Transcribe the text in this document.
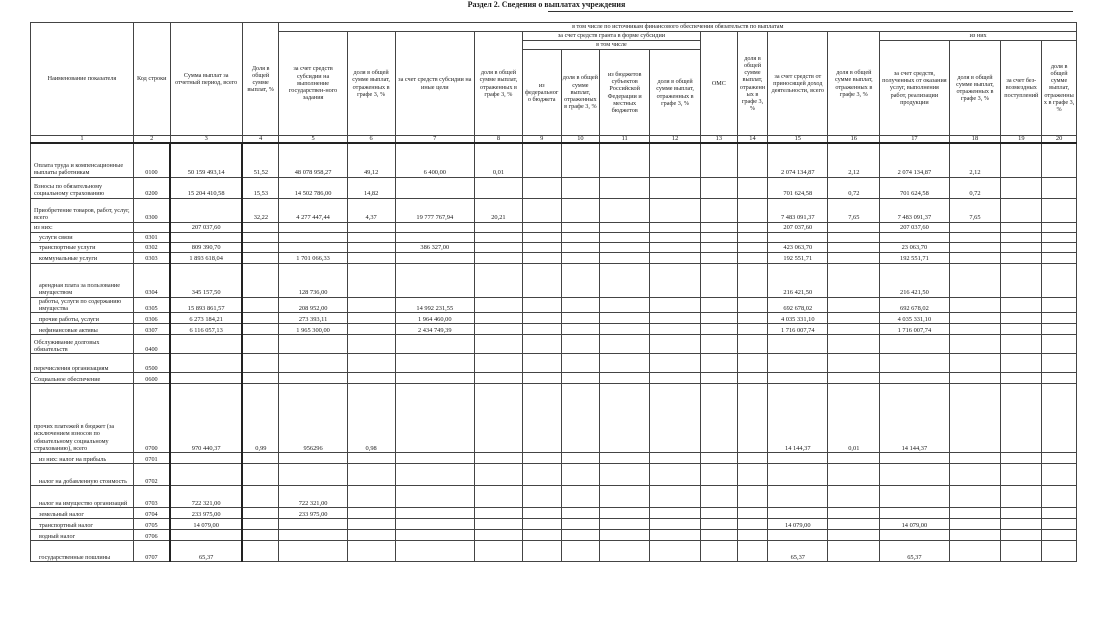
Раздел 2. Сведения о выплатах учреждения
Наименование показателя	Код строки	Сумма выплат за отчетный период, всего	Доля в общей сумме выплат, %	в том числе по источникам финансового обеспечения обязательств по выплатам															
				за счет средств субсидии на выполнение государствен-ного задания	доля в общей сумме выплат, отраженных в графе 3, %	за счет средств субсидии на иные цели	доля в общей сумме выплат, отраженных в графе 3, %	за счет средств гранта в форме субсидии				ОМС	доля в общей сумме выплат, отраженных в графе 3, %	за счет средств от приносящей доход деятельности, всего	доля в общей сумме выплат, отраженных в графе 3, %	из них			
								в том числе								за счет средств, полученных от оказания услуг, выполнения работ, реализации продукции	доля в общей сумме выплат, отраженных в графе 3, %	за счет без-возмездных поступлений	доля в общей сумме выплат, отраженных в графе 3, %
								из федерального бюджета	доля в общей сумме выплат, отраженных в графе 3, %	из бюджетов субъектов Российской Федерации и местных бюджетов	доля в общей сумме выплат, отраженных в графе 3, %								
1	2	3	4	5	6	7	8	9	10	11	12	13	14	15	16	17	18	19	20
Оплата труда и компенсационные выплаты работникам	0100	50 159 493,14	51,52	48 078 958,27	49,12	6 400,00	0,01							2 074 134,87	2,12	2 074 134,87	2,12		
Взносы по обязательному социальному страхованию	0200	15 204 410,58	15,53	14 502 786,00	14,82									701 624,58	0,72	701 624,58	0,72		
Приобретение товаров, работ, услуг, всего	0300		32,22	4 277 447,44	4,37	19 777 767,94	20,21							7 483 091,37	7,65	7 483 091,37	7,65		
из них:		207 037,60												207 037,60		207 037,60			
услуги связи	0301																		
транспортные услуги	0302	809 390,70				386 327,00								423 063,70		23 063,70			
коммунальные услуги	0303	1 893 618,04		1 701 066,33										192 551,71		192 551,71			
арендная плата за пользование имуществом	0304	345 157,50		128 736,00										216 421,50		216 421,50			
работы, услуги по содержанию имущества	0305	15 893 861,57		208 952,00		14 992 231,55								692 678,02		692 678,02			
прочие работы, услуги	0306	6 273 184,21		273 393,11		1 964 460,00								4 035 331,10		4 035 331,10			
нефинансовые активы	0307	6 116 057,13		1 965 300,00		2 434 749,39								1 716 007,74		1 716 007,74			
Обслуживание долговых обязательств	0400																		
перечисления организациям	0500																		
Социальное обеспечение	0600																		
прочих платежей в бюджет (за исключением взносов по обязательному социальному страхованию), всего	0700	970 440,37	0,99	956296	0,98									14 144,37	0,01	14 144,37			
из них: налог на прибыль	0701																		
налог на добавленную стоимость	0702																		
налог на имущество организаций	0703	722 321,00		722 321,00															
земельный налог	0704	233 975,00		233 975,00															
транспортный налог	0705	14 079,00												14 079,00		14 079,00			
водный налог	0706																		
государственные пошлины	0707	65,37												65,37		65,37			
